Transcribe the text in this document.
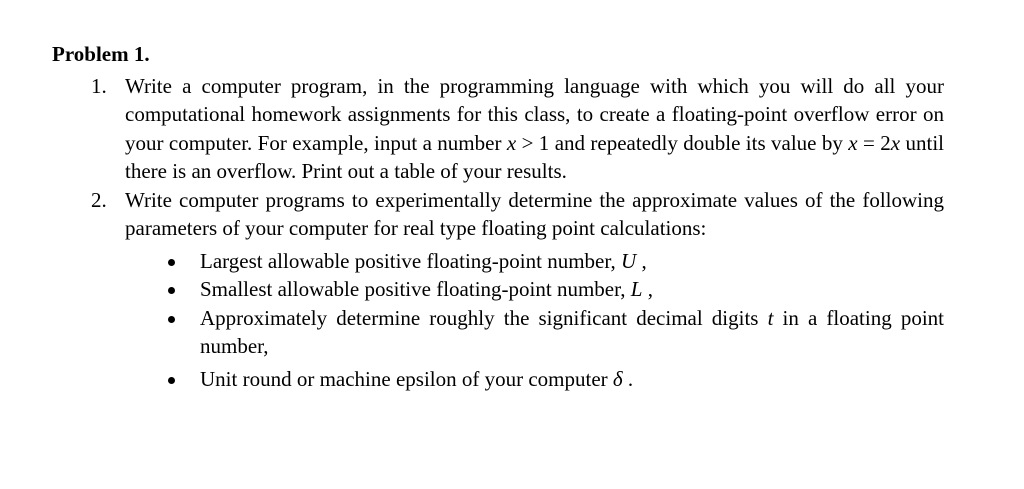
Problem 1.
1. Write a computer program, in the programming language with which you will do all your computational homework assignments for this class, to create a floating-point overflow error on your computer. For example, input a number x > 1 and repeatedly double its value by x = 2x until there is an overflow. Print out a table of your results.
2. Write computer programs to experimentally determine the approximate values of the following parameters of your computer for real type floating point calculations:
Largest allowable positive floating-point number, U ,
Smallest allowable positive floating-point number, L ,
Approximately determine roughly the significant decimal digits t in a floating point number,
Unit round or machine epsilon of your computer δ .
